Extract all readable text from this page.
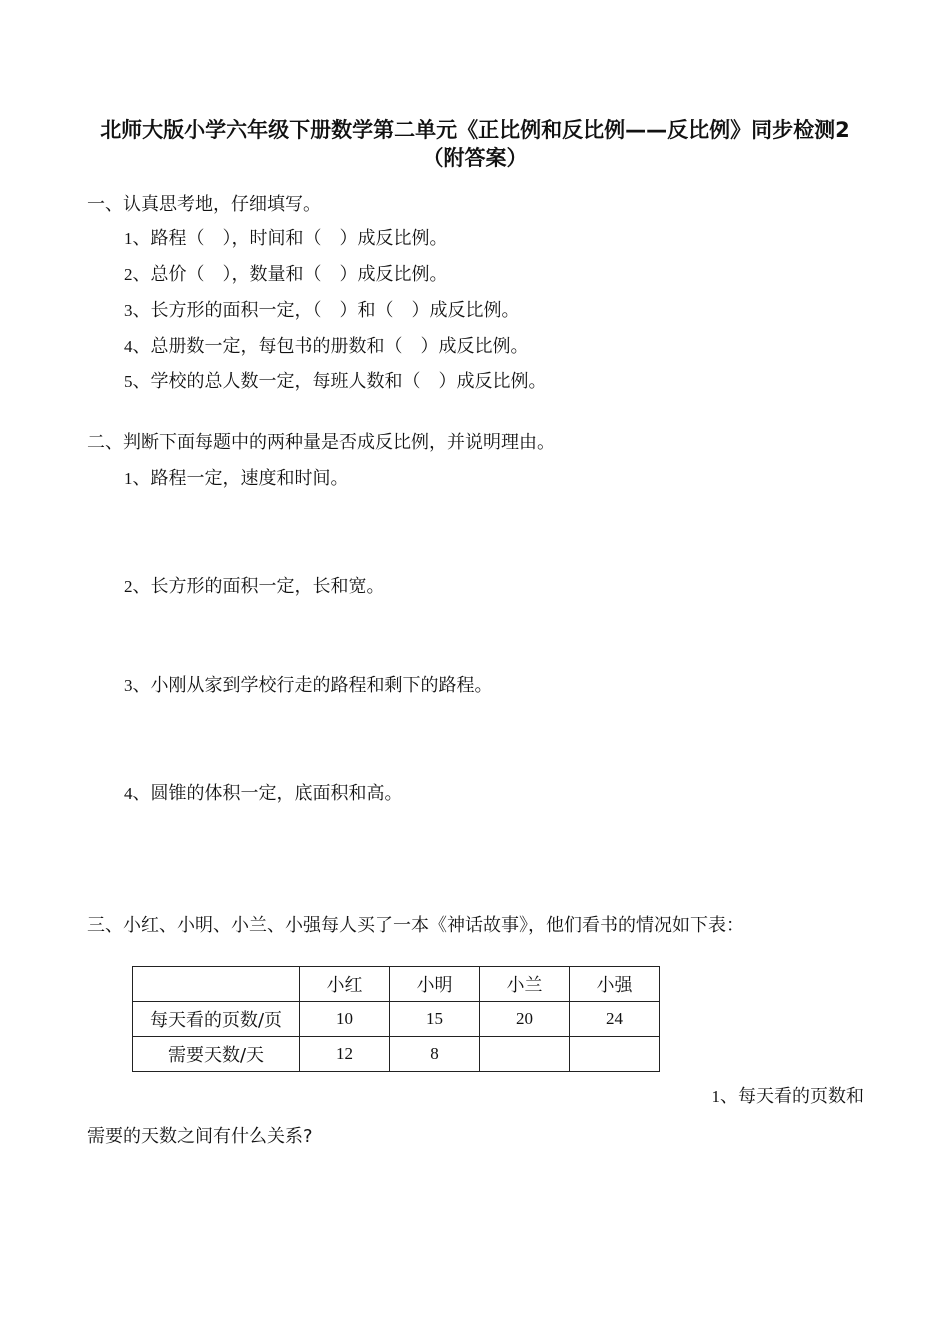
北师大版小学六年级下册数学第二单元《正比例和反比例——反比例》同步检测2（附答案）
一、认真思考地，仔细填写。
1、路程（　），时间和（　）成反比例。
2、总价（　），数量和（　）成反比例。
3、长方形的面积一定，（　）和（　）成反比例。
4、总册数一定，每包书的册数和（　）成反比例。
5、学校的总人数一定，每班人数和（　）成反比例。
二、判断下面每题中的两种量是否成反比例，并说明理由。
1、路程一定，速度和时间。
2、长方形的面积一定，长和宽。
3、小刚从家到学校行走的路程和剩下的路程。
4、圆锥的体积一定，底面积和高。
三、小红、小明、小兰、小强每人买了一本《神话故事》，他们看书的情况如下表：
	小红	小明	小兰	小强
每天看的页数/页	10	15	20	24
需要天数/天	12	8		
1、每天看的页数和
需要的天数之间有什么关系?
